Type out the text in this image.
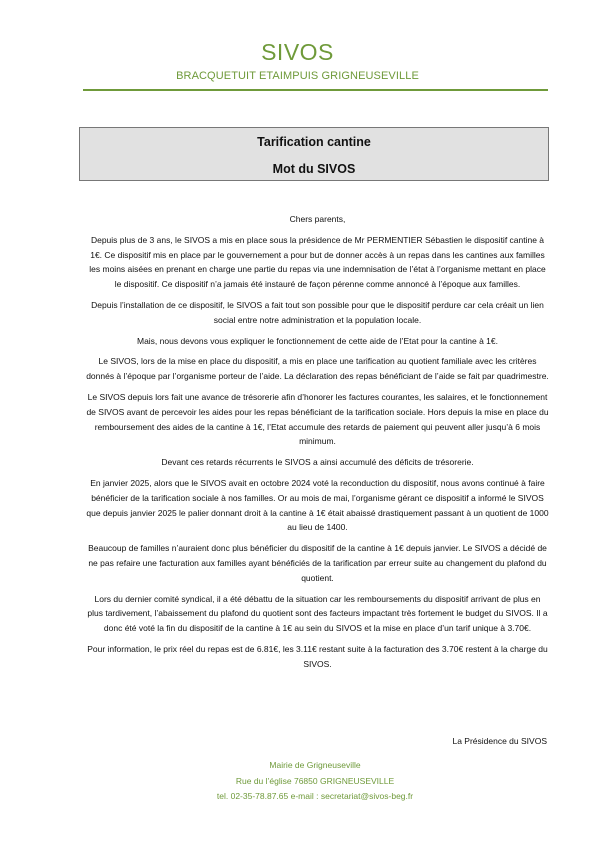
SIVOS
BRACQUETUIT ETAIMPUIS GRIGNEUSEVILLE
Tarification cantine
Mot du SIVOS

Chers parents,

Depuis plus de 3 ans, le SIVOS a mis en place sous la présidence de Mr PERMENTIER Sébastien le dispositif cantine à 1€. Ce dispositif mis en place par le gouvernement a pour but de donner accès à un repas dans les cantines aux familles les moins aisées en prenant en charge une partie du repas via une indemnisation de l’état à l’organisme mettant en place le dispositif. Ce dispositif n’a jamais été instauré de façon pérenne comme annoncé à l’époque aux familles.

Depuis l’installation de ce dispositif, le SIVOS a fait tout son possible pour que le dispositif perdure car cela créait un lien social entre notre administration et la population locale.

Mais, nous devons vous expliquer le fonctionnement de cette aide de l’Etat pour la cantine à 1€.

Le SIVOS, lors de la mise en place du dispositif, a mis en place une tarification au quotient familiale avec les critères donnés à l’époque par l’organisme porteur de l’aide. La déclaration des repas bénéficiant de l’aide se fait par quadrimestre.

Le SIVOS depuis lors fait une avance de trésorerie afin d’honorer les factures courantes, les salaires, et le fonctionnement de SIVOS avant de percevoir les aides pour les repas bénéficiant de la tarification sociale. Hors depuis la mise en place du remboursement des aides de la cantine à 1€, l’Etat accumule des retards de paiement qui peuvent aller jusqu’à 6 mois minimum.

Devant ces retards récurrents le SIVOS a ainsi accumulé des déficits de trésorerie.

En janvier 2025, alors que le SIVOS avait en octobre 2024 voté la reconduction du dispositif, nous avons continué à faire bénéficier de la tarification sociale à nos familles. Or au mois de mai, l’organisme gérant ce dispositif a informé le SIVOS que depuis janvier 2025 le palier donnant droit à la cantine à 1€ était abaissé drastiquement passant à un quotient de 1000 au lieu de 1400.

Beaucoup de familles n’auraient donc plus bénéficier du dispositif de la cantine à 1€ depuis janvier. Le SIVOS a décidé de ne pas refaire une facturation aux familles ayant bénéficiés de la tarification par erreur suite au changement du plafond du quotient.

Lors du dernier comité syndical, il a été débattu de la situation car les remboursements du dispositif arrivant de plus en plus tardivement, l’abaissement du plafond du quotient sont des facteurs impactant très fortement le budget du SIVOS. Il a donc été voté la fin du dispositif de la cantine à 1€ au sein du SIVOS et la mise en place d’un tarif unique à 3.70€.

Pour information, le prix réel du repas est de 6.81€, les 3.11€ restant suite à la facturation des 3.70€ restent à la charge du SIVOS.

La Présidence du SIVOS
Mairie de Grigneuseville
Rue du l’église 76850 GRIGNEUSEVILLE
tel. 02-35-78.87.65 e-mail : secretariat@sivos-beg.fr
